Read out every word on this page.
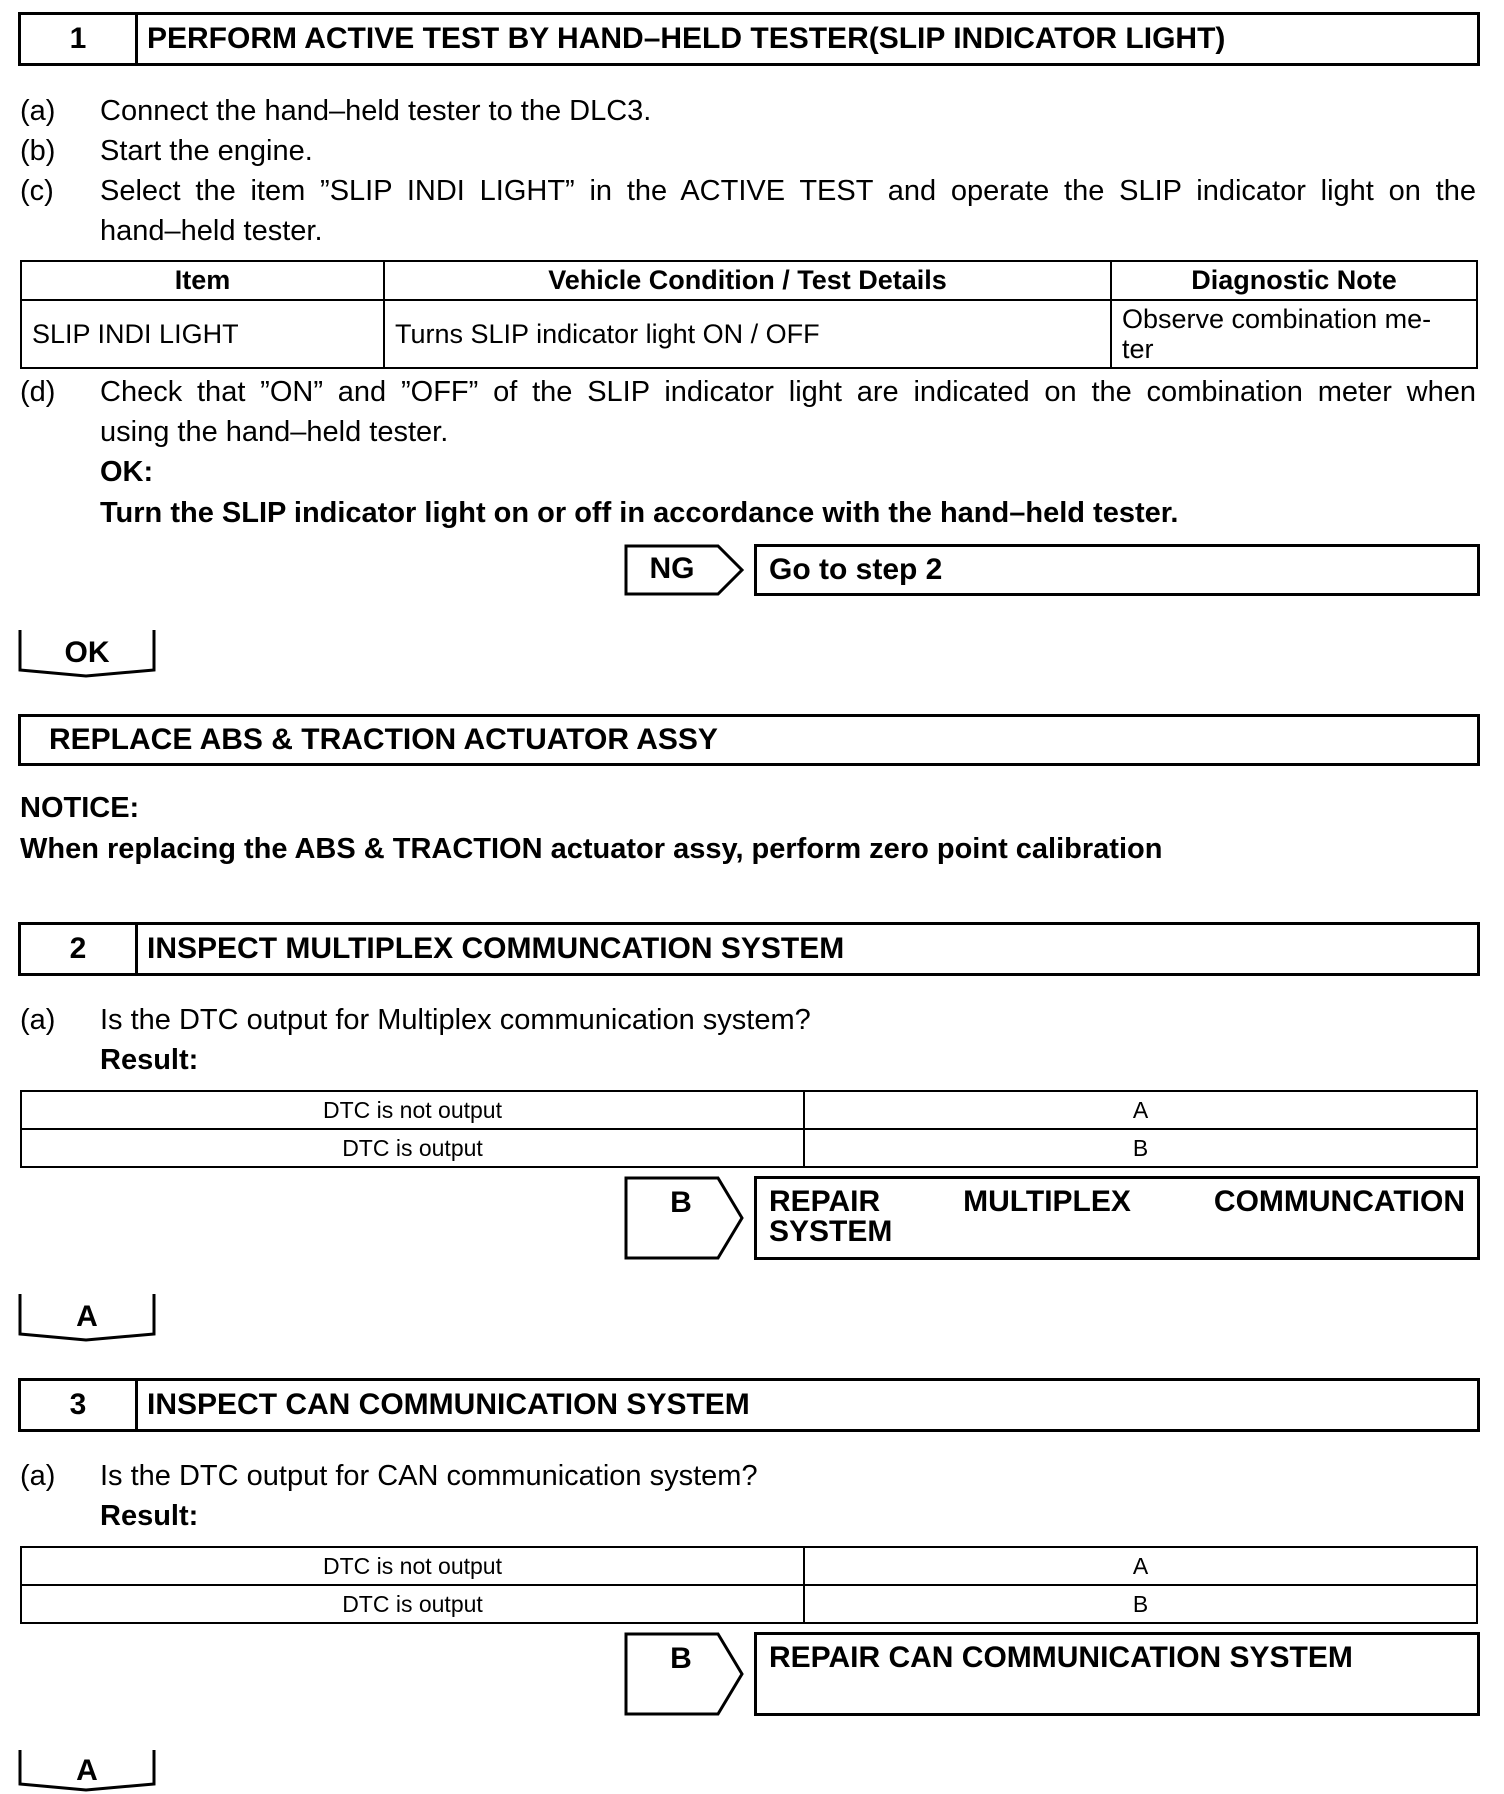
1	PERFORM ACTIVE TEST BY HAND–HELD TESTER(SLIP INDICATOR LIGHT)
(a) Connect the hand–held tester to the DLC3.
(b) Start the engine.
(c) Select the item ”SLIP INDI LIGHT” in the ACTIVE TEST and operate the SLIP indicator light on the
hand–held tester.
Item	Vehicle Condition / Test Details	Diagnostic Note
SLIP INDI LIGHT	Turns SLIP indicator light ON / OFF	Observe combination me-
ter
(d) Check that ”ON” and ”OFF” of the SLIP indicator light are indicated on the combination meter when
using the hand–held tester.
OK:
Turn the SLIP indicator light on or off in accordance with the hand–held tester.
NG	Go to step 2
OK
REPLACE ABS & TRACTION ACTUATOR ASSY
NOTICE:
When replacing the ABS & TRACTION actuator assy, perform zero point calibration
2	INSPECT MULTIPLEX COMMUNCATION SYSTEM
(a) Is the DTC output for Multiplex communication system?
Result:
DTC is not output	A
DTC is output	B
B	REPAIR	MULTIPLEX	COMMUNCATION
SYSTEM
A
3	INSPECT CAN COMMUNICATION SYSTEM
(a) Is the DTC output for CAN communication system?
Result:
DTC is not output	A
DTC is output	B
B	REPAIR CAN COMMUNICATION SYSTEM
A
